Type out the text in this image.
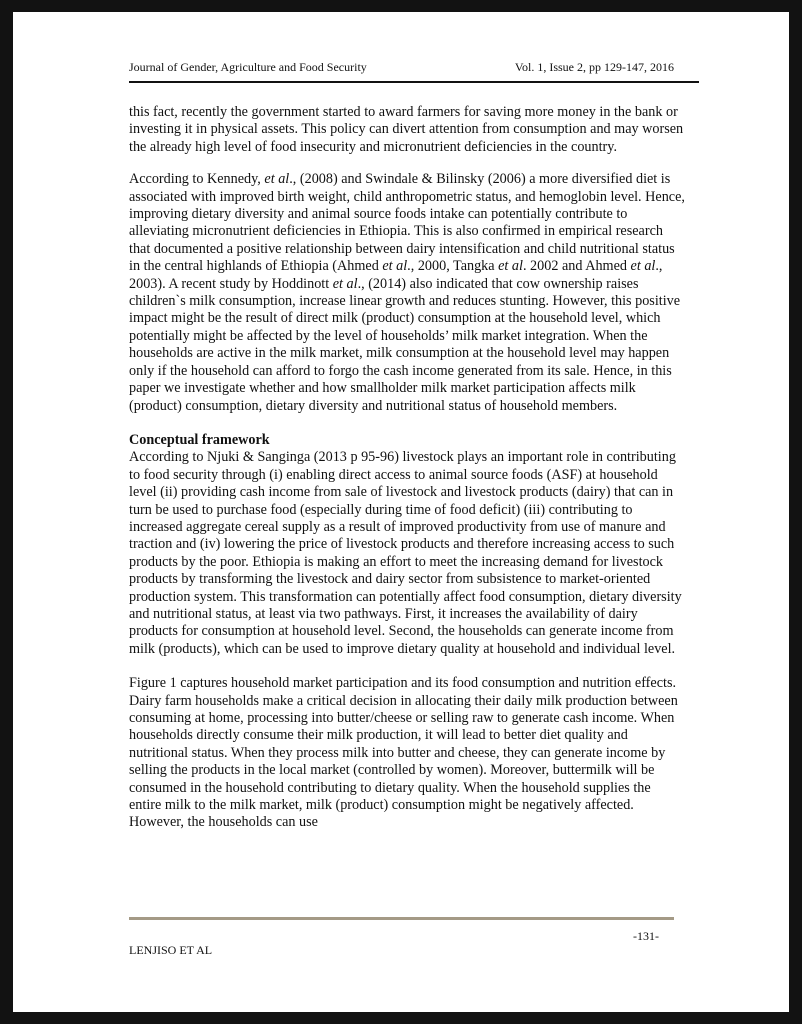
Journal of Gender, Agriculture and Food Security	Vol. 1, Issue 2, pp 129-147, 2016

this fact, recently the government started to award farmers for saving more money in the bank or investing it in physical assets. This policy can divert attention from consumption and may worsen the already high level of food insecurity and micronutrient deficiencies in the country.

According to Kennedy, et al., (2008) and Swindale & Bilinsky (2006) a more diversified diet is associated with improved birth weight, child anthropometric status, and hemoglobin level. Hence, improving dietary diversity and animal source foods intake can potentially contribute to alleviating micronutrient deficiencies in Ethiopia. This is also confirmed in empirical research that documented a positive relationship between dairy intensification and child nutritional status in the central highlands of Ethiopia (Ahmed et al., 2000, Tangka et al. 2002 and Ahmed et al., 2003). A recent study by Hoddinott et al., (2014) also indicated that cow ownership raises children`s milk consumption, increase linear growth and reduces stunting. However, this positive impact might be the result of direct milk (product) consumption at the household level, which potentially might be affected by the level of households’ milk market integration. When the households are active in the milk market, milk consumption at the household level may happen only if the household can afford to forgo the cash income generated from its sale. Hence, in this paper we investigate whether and how smallholder milk market participation affects milk (product) consumption, dietary diversity and nutritional status of household members.

Conceptual framework

According to Njuki & Sanginga (2013 p 95-96) livestock plays an important role in contributing to food security through (i) enabling direct access to animal source foods (ASF) at household level (ii) providing cash income from sale of livestock and livestock products (dairy) that can in turn be used to purchase food (especially during time of food deficit) (iii) contributing to increased aggregate cereal supply as a result of improved productivity from use of manure and traction and (iv) lowering the price of livestock products and therefore increasing access to such products by the poor. Ethiopia is making an effort to meet the increasing demand for livestock products by transforming the livestock and dairy sector from subsistence to market-oriented production system. This transformation can potentially affect food consumption, dietary diversity and nutritional status, at least via two pathways. First, it increases the availability of dairy products for consumption at household level. Second, the households can generate income from milk (products), which can be used to improve dietary quality at household and individual level.

Figure 1 captures household market participation and its food consumption and nutrition effects. Dairy farm households make a critical decision in allocating their daily milk production between consuming at home, processing into butter/cheese or selling raw to generate cash income. When households directly consume their milk production, it will lead to better diet quality and nutritional status. When they process milk into butter and cheese, they can generate income by selling the products in the local market (controlled by women). Moreover, buttermilk will be consumed in the household contributing to dietary quality. When the household supplies the entire milk to the milk market, milk (product) consumption might be negatively affected. However, the households can use

-131-
LENJISO ET AL
